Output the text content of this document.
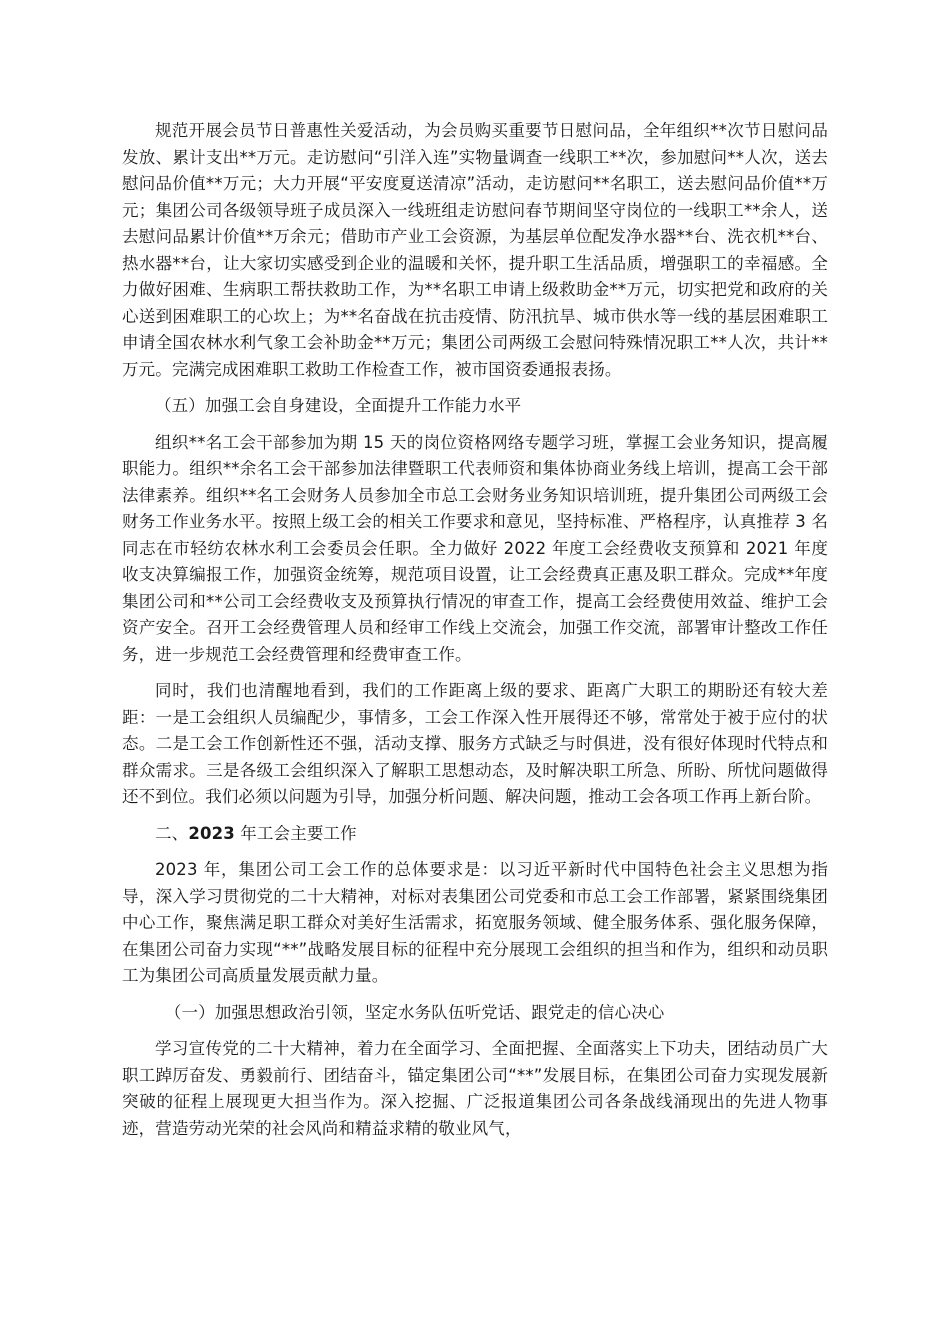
规范开展会员节日普惠性关爱活动，为会员购买重要节日慰问品，全年组织**次节日慰问品发放、累计支出**万元。走访慰问“引洋入连”实物量调查一线职工**次，参加慰问**人次，送去慰问品价值**万元；大力开展“平安度夏送清凉”活动，走访慰问**名职工，送去慰问品价值**万元；集团公司各级领导班子成员深入一线班组走访慰问春节期间坚守岗位的一线职工**余人，送去慰问品累计价值**万余元；借助市产业工会资源，为基层单位配发净水器**台、洗衣机**台、热水器**台，让大家切实感受到企业的温暖和关怀，提升职工生活品质，增强职工的幸福感。全力做好困难、生病职工帮扶救助工作，为**名职工申请上级救助金**万元，切实把党和政府的关心送到困难职工的心坎上；为**名奋战在抗击疫情、防汛抗旱、城市供水等一线的基层困难职工申请全国农林水利气象工会补助金**万元；集团公司两级工会慰问特殊情况职工**人次，共计**万元。完满完成困难职工救助工作检查工作，被市国资委通报表扬。

（五）加强工会自身建设，全面提升工作能力水平

组织**名工会干部参加为期 15 天的岗位资格网络专题学习班，掌握工会业务知识，提高履职能力。组织**余名工会干部参加法律暨职工代表师资和集体协商业务线上培训，提高工会干部法律素养。组织**名工会财务人员参加全市总工会财务业务知识培训班，提升集团公司两级工会财务工作业务水平。按照上级工会的相关工作要求和意见，坚持标准、严格程序，认真推荐 3 名同志在市轻纺农林水利工会委员会任职。全力做好 2022 年度工会经费收支预算和 2021 年度收支决算编报工作，加强资金统筹，规范项目设置，让工会经费真正惠及职工群众。完成**年度集团公司和**公司工会经费收支及预算执行情况的审查工作，提高工会经费使用效益、维护工会资产安全。召开工会经费管理人员和经审工作线上交流会，加强工作交流，部署审计整改工作任务，进一步规范工会经费管理和经费审查工作。

同时，我们也清醒地看到，我们的工作距离上级的要求、距离广大职工的期盼还有较大差距：一是工会组织人员编配少，事情多，工会工作深入性开展得还不够，常常处于被于应付的状态。二是工会工作创新性还不强，活动支撑、服务方式缺乏与时俱进，没有很好体现时代特点和群众需求。三是各级工会组织深入了解职工思想动态，及时解决职工所急、所盼、所忧问题做得还不到位。我们必须以问题为引导，加强分析问题、解决问题，推动工会各项工作再上新台阶。

二、2023 年工会主要工作

2023 年，集团公司工会工作的总体要求是：以习近平新时代中国特色社会主义思想为指导，深入学习贯彻党的二十大精神，对标对表集团公司党委和市总工会工作部署，紧紧围绕集团中心工作，聚焦满足职工群众对美好生活需求，拓宽服务领域、健全服务体系、强化服务保障，在集团公司奋力实现“**”战略发展目标的征程中充分展现工会组织的担当和作为，组织和动员职工为集团公司高质量发展贡献力量。

（一）加强思想政治引领，坚定水务队伍听党话、跟党走的信心决心

学习宣传党的二十大精神，着力在全面学习、全面把握、全面落实上下功夫，团结动员广大职工踔厉奋发、勇毅前行、团结奋斗，锚定集团公司“**”发展目标，在集团公司奋力实现发展新突破的征程上展现更大担当作为。深入挖掘、广泛报道集团公司各条战线涌现出的先进人物事迹，营造劳动光荣的社会风尚和精益求精的敬业风气，
